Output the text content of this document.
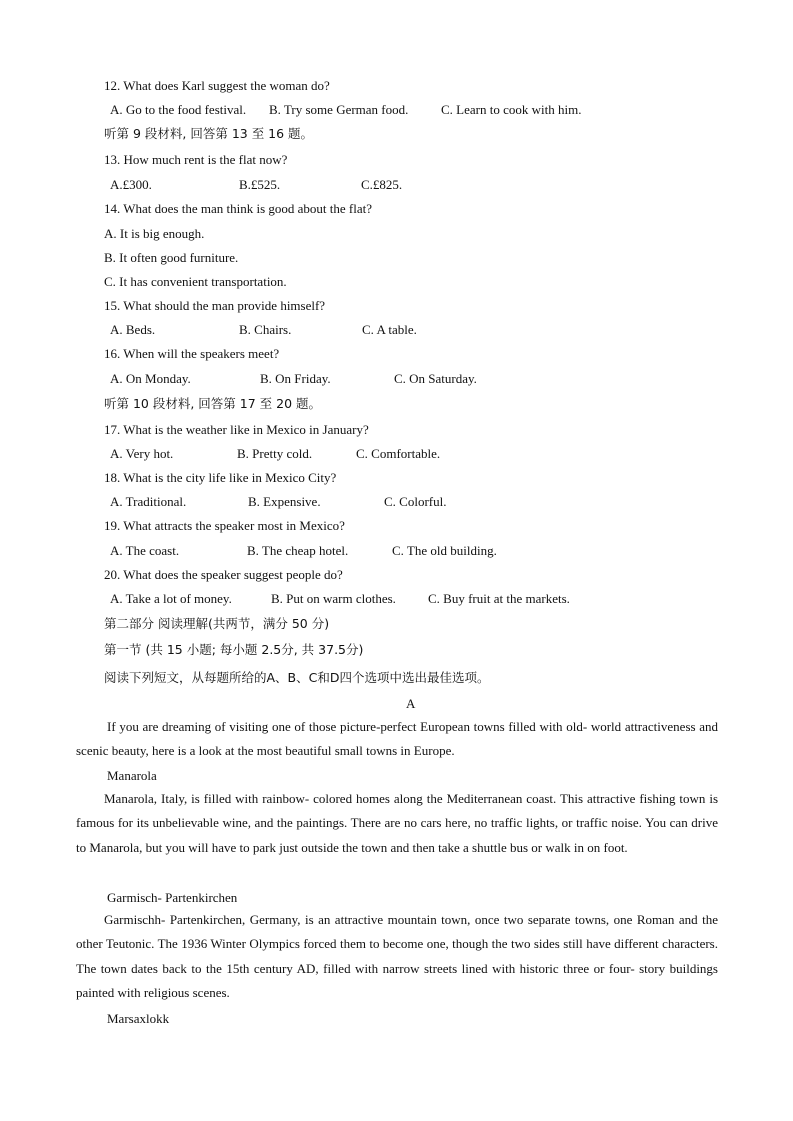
12. What does Karl suggest the woman do?
A. Go to the food festival. B. Try some German food.	C. Learn to cook with him.
听第 9 段材料, 回答第 13 至 16 题。
13. How much rent is the flat now?
A.£300.	B.£525.	C.£825.
14. What does the man think is good about the flat?
A. It is big enough.
B. It often good furniture.
C. It has convenient transportation.
15. What should the man provide himself?
A. Beds.	B. Chairs.	C. A table.
16. When will the speakers meet?
A. On Monday.	B. On Friday.	C. On Saturday.
听第 10 段材料, 回答第 17 至 20 题。
17. What is the weather like in Mexico in January?
A. Very hot.	B. Pretty cold.	C. Comfortable.
18. What is the city life like in Mexico City?
A. Traditional.	B. Expensive.	C. Colorful.
19. What attracts the speaker most in Mexico?
A. The coast.	B. The cheap hotel.	C. The old building.
20. What does the speaker suggest people do?
A. Take a lot of money.	B. Put on warm clothes. C. Buy fruit at the markets.
第二部分 阅读理解(共两节，满分 50 分)
第一节 (共 15 小题; 每小题 2.5分, 共 37.5分)
阅读下列短文，从每题所给的A、B、C和D四个选项中选出最佳选项。
A
If you are dreaming of visiting one of those picture-perfect European towns filled with old- world attractiveness and scenic beauty, here is a look at the most beautiful small towns in Europe.
Manarola
Manarola, Italy, is filled with rainbow- colored homes along the Mediterranean coast. This attractive fishing town is famous for its unbelievable wine, and the paintings. There are no cars here, no traffic lights, or traffic noise. You can drive to Manarola, but you will have to park just outside the town and then take a shuttle bus or walk in on foot.
Garmisch- Partenkirchen
Garmischh- Partenkirchen, Germany, is an attractive mountain town, once two separate towns, one Roman and the other Teutonic. The 1936 Winter Olympics forced them to become one, though the two sides still have different characters. The town dates back to the 15th century AD, filled with narrow streets lined with historic three or four- story buildings painted with religious scenes.
Marsaxlokk
